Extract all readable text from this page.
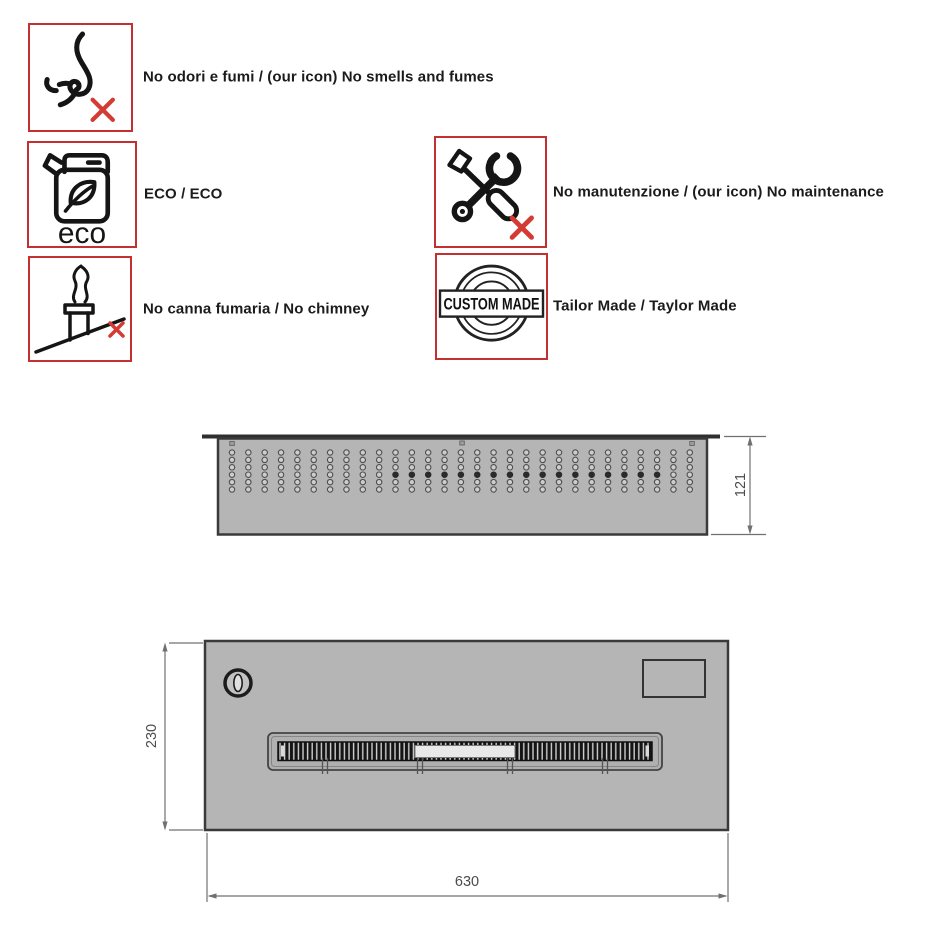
No odori e fumi / (our icon) No smells and fumes
eco
ECO / ECO
No canna fumaria / No chimney
No manutenzione / (our icon) No maintenance
CUSTOM MADE Tailor Made / Taylor Made
121
230
630
